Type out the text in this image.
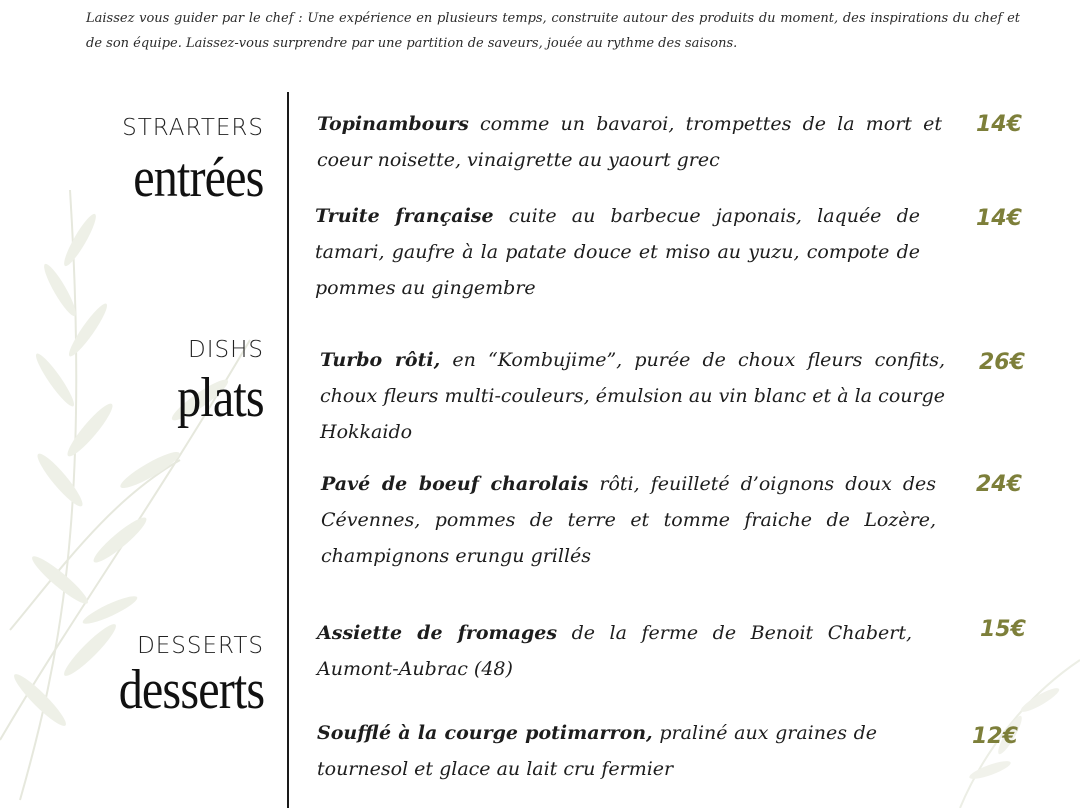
Laissez vous guider par le chef : Une expérience en plusieurs temps, construite autour des produits du moment, des inspirations du chef et de son équipe. Laissez-vous surprendre par une partition de saveurs, jouée au rythme des saisons.
STRARTERS
entrées
Topinambours comme un bavaroi, trompettes de la mort et coeur noisette, vinaigrette au yaourt grec
14€
Truite française cuite au barbecue japonais, laquée de tamari, gaufre à la patate douce et miso au yuzu, compote de pommes au gingembre
14€
DISHS
plats
Turbo rôti, en “Kombujime”, purée de choux fleurs confits, choux fleurs multi-couleurs, émulsion au vin blanc et à la courge Hokkaido
26€
Pavé de boeuf charolais rôti, feuilleté d’oignons doux des Cévennes, pommes de terre et tomme fraiche de Lozère, champignons erungu grillés
24€
DESSERTS
desserts
Assiette de fromages de la ferme de Benoit Chabert, Aumont-Aubrac (48)
15€
Soufflé à la courge potimarron, praliné aux graines de tournesol et glace au lait cru fermier
12€
